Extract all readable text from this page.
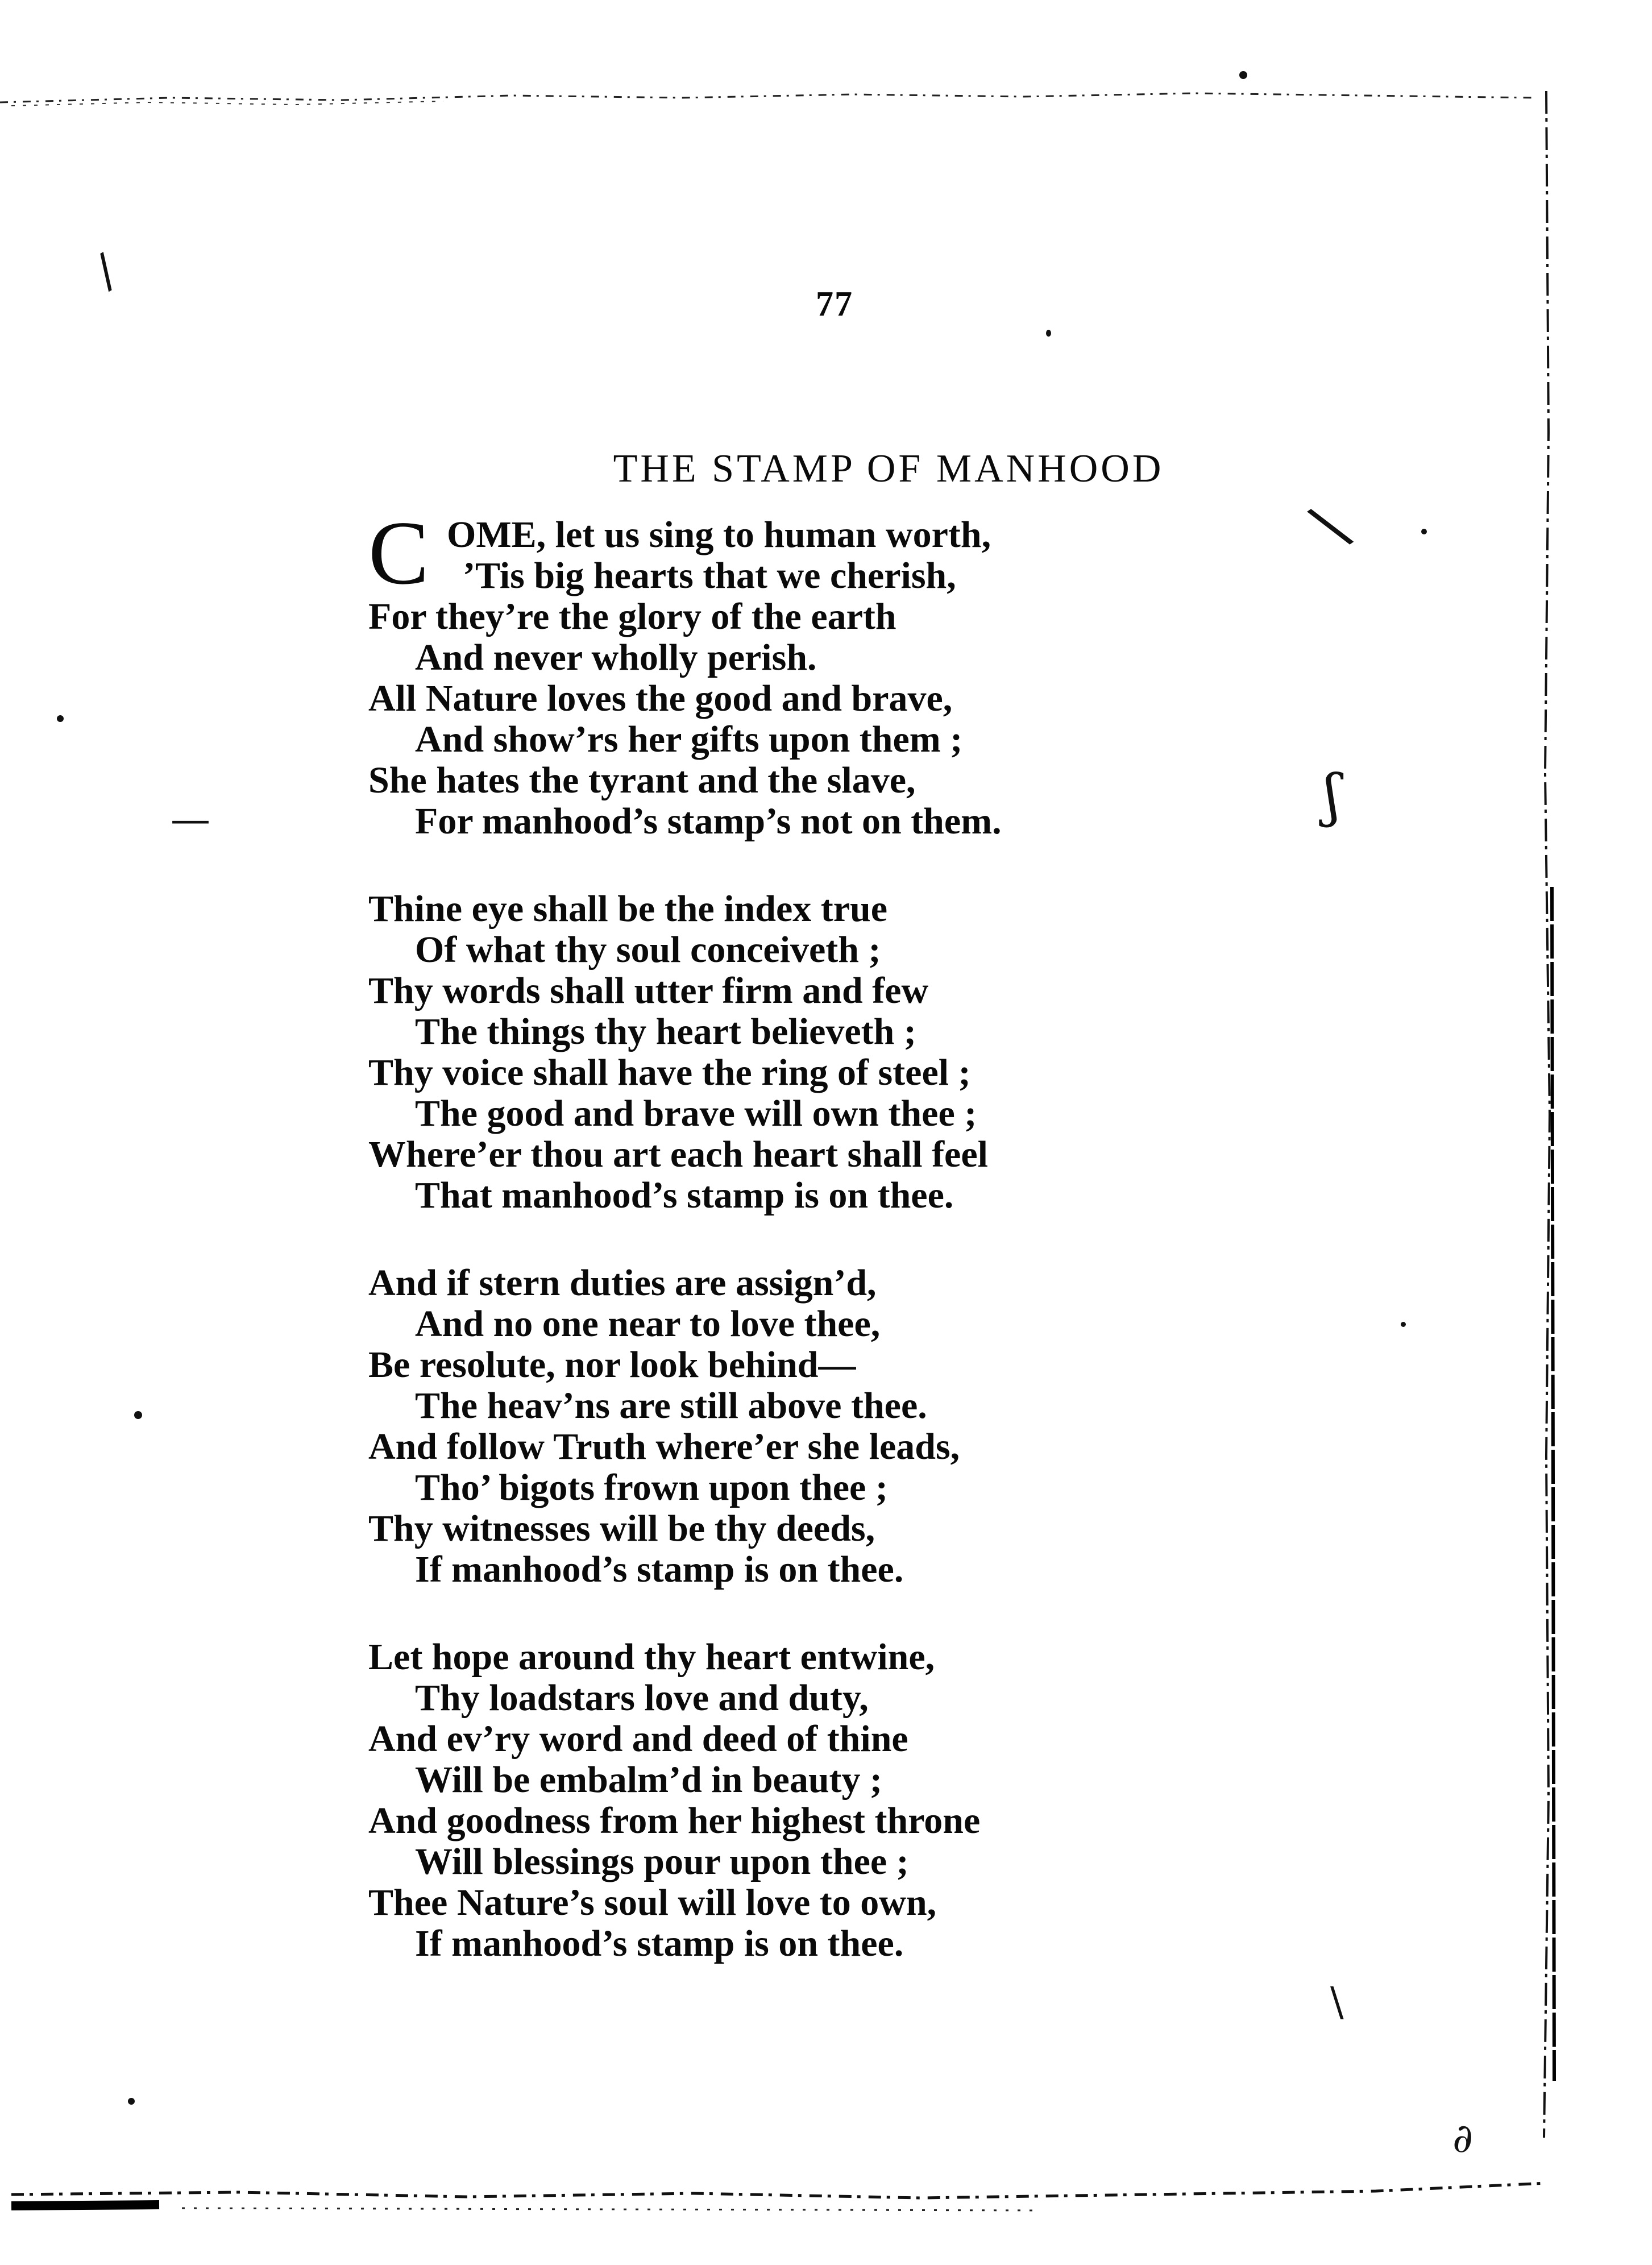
/
\
ʃ
—
\
∂
77
THE STAMP OF MANHOOD
C OME, let us sing to human worth,
’Tis big hearts that we cherish,
For they’re the glory of the earth
And never wholly perish.
All Nature loves the good and brave,
And show’rs her gifts upon them ;
She hates the tyrant and the slave,
For manhood’s stamp’s not on them.
Thine eye shall be the index true
Of what thy soul conceiveth ;
Thy words shall utter firm and few
The things thy heart believeth ;
Thy voice shall have the ring of steel ;
The good and brave will own thee ;
Where’er thou art each heart shall feel
That manhood’s stamp is on thee.
And if stern duties are assign’d,
And no one near to love thee,
Be resolute, nor look behind—
The heav’ns are still above thee.
And follow Truth where’er she leads,
Tho’ bigots frown upon thee ;
Thy witnesses will be thy deeds,
If manhood’s stamp is on thee.
Let hope around thy heart entwine,
Thy loadstars love and duty,
And ev’ry word and deed of thine
Will be embalm’d in beauty ;
And goodness from her highest throne
Will blessings pour upon thee ;
Thee Nature’s soul will love to own,
If manhood’s stamp is on thee.
